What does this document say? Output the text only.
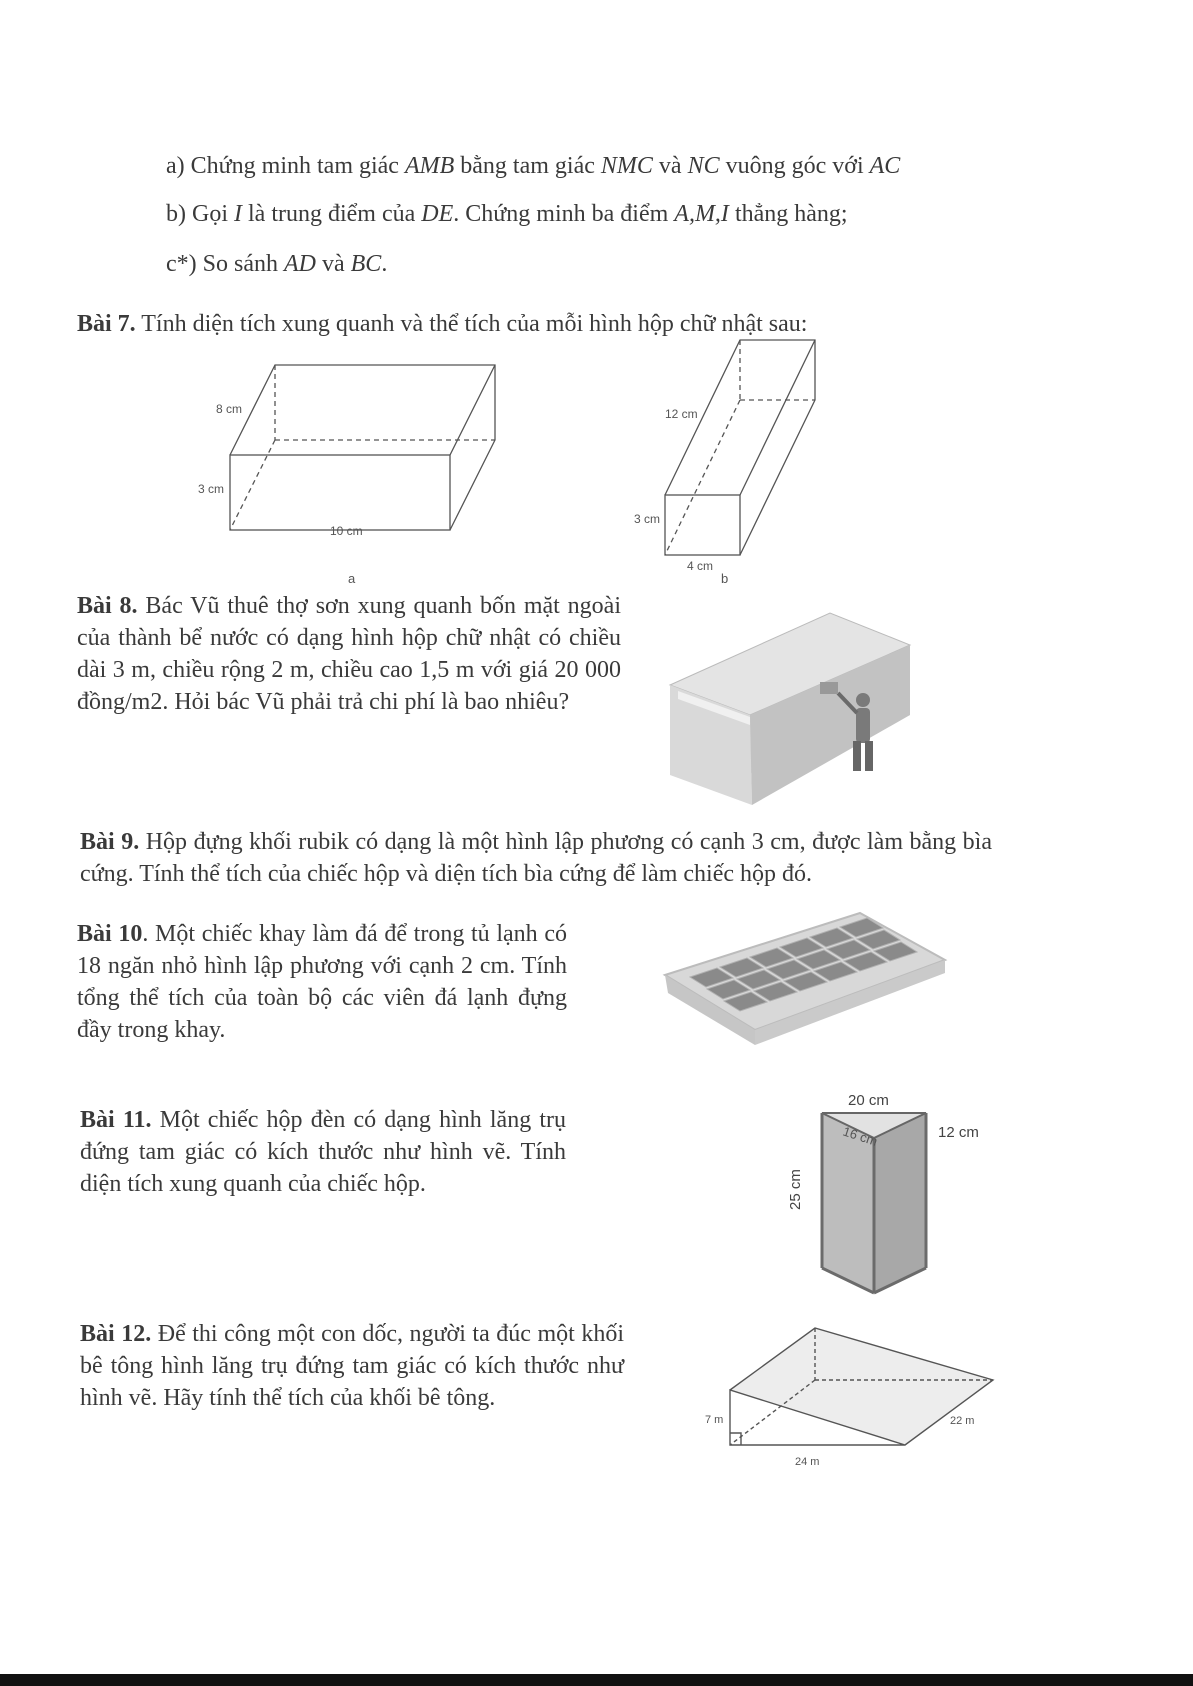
a) Chứng minh tam giác AMB bằng tam giác NMC và NC vuông góc với AC
b) Gọi I là trung điểm của DE. Chứng minh ba điểm A,M,I thẳng hàng;
c*) So sánh AD và BC.
Bài 7. Tính diện tích xung quanh và thể tích của mỗi hình hộp chữ nhật sau:
8 cm
3 cm
10 cm
a
12 cm
3 cm
4 cm
b
Bài 8. Bác Vũ thuê thợ sơn xung quanh bốn mặt ngoài của thành bể nước có dạng hình hộp chữ nhật có chiều dài 3 m, chiều rộng 2 m, chiều cao 1,5 m với giá 20 000 đồng/m2. Hỏi bác Vũ phải trả chi phí là bao nhiêu?
Bài 9. Hộp đựng khối rubik có dạng là một hình lập phương có cạnh 3 cm, được làm bằng bìa cứng. Tính thể tích của chiếc hộp và diện tích bìa cứng để làm chiếc hộp đó.
Bài 10. Một chiếc khay làm đá để trong tủ lạnh có 18 ngăn nhỏ hình lập phương với cạnh 2 cm. Tính tổng thể tích của toàn bộ các viên đá lạnh đựng đầy trong khay.
Bài 11. Một chiếc hộp đèn có dạng hình lăng trụ đứng tam giác có kích thước như hình vẽ. Tính diện tích xung quanh của chiếc hộp.
20 cm
12 cm
16 cm
25 cm
Bài 12. Để thi công một con dốc, người ta đúc một khối bê tông hình lăng trụ đứng tam giác có kích thước như hình vẽ. Hãy tính thể tích của khối bê tông.
7 m
24 m
22 m
